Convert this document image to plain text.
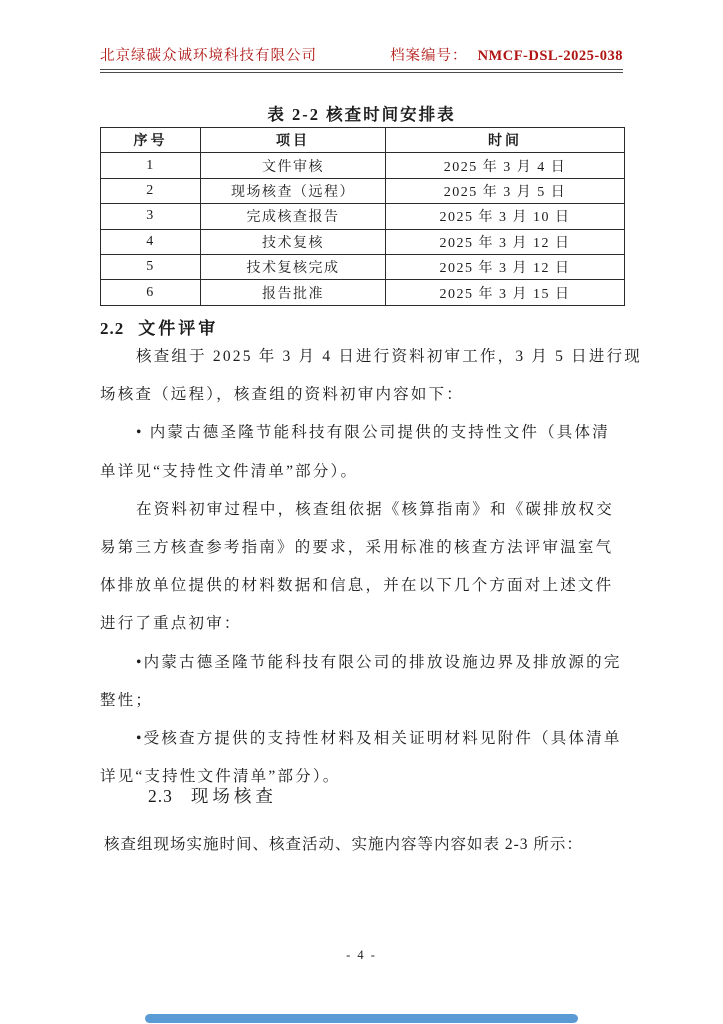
北京绿碳众诚环境科技有限公司	档案编号： NMCF-DSL-2025-038
表 2-2 核查时间安排表
序号	项目	时间
1	文件审核	2025 年 3 月 4 日
2	现场核查（远程）	2025 年 3 月 5 日
3	完成核查报告	2025 年 3 月 10 日
4	技术复核	2025 年 3 月 12 日
5	技术复核完成	2025 年 3 月 12 日
6	报告批准	2025 年 3 月 15 日
2.2 文件评审
核查组于 2025 年 3 月 4 日进行资料初审工作，3 月 5 日进行现
场核查（远程），核查组的资料初审内容如下：
• 内蒙古德圣隆节能科技有限公司提供的支持性文件（具体清
单详见“支持性文件清单”部分）。
在资料初审过程中，核查组依据《核算指南》和《碳排放权交
易第三方核查参考指南》的要求，采用标准的核查方法评审温室气
体排放单位提供的材料数据和信息，并在以下几个方面对上述文件
进行了重点初审：
•内蒙古德圣隆节能科技有限公司的排放设施边界及排放源的完
整性；
•受核查方提供的支持性材料及相关证明材料见附件（具体清单
详见“支持性文件清单”部分）。
2.3 现场核查
核查组现场实施时间、核查活动、实施内容等内容如表 2-3 所示：
- 4 -
